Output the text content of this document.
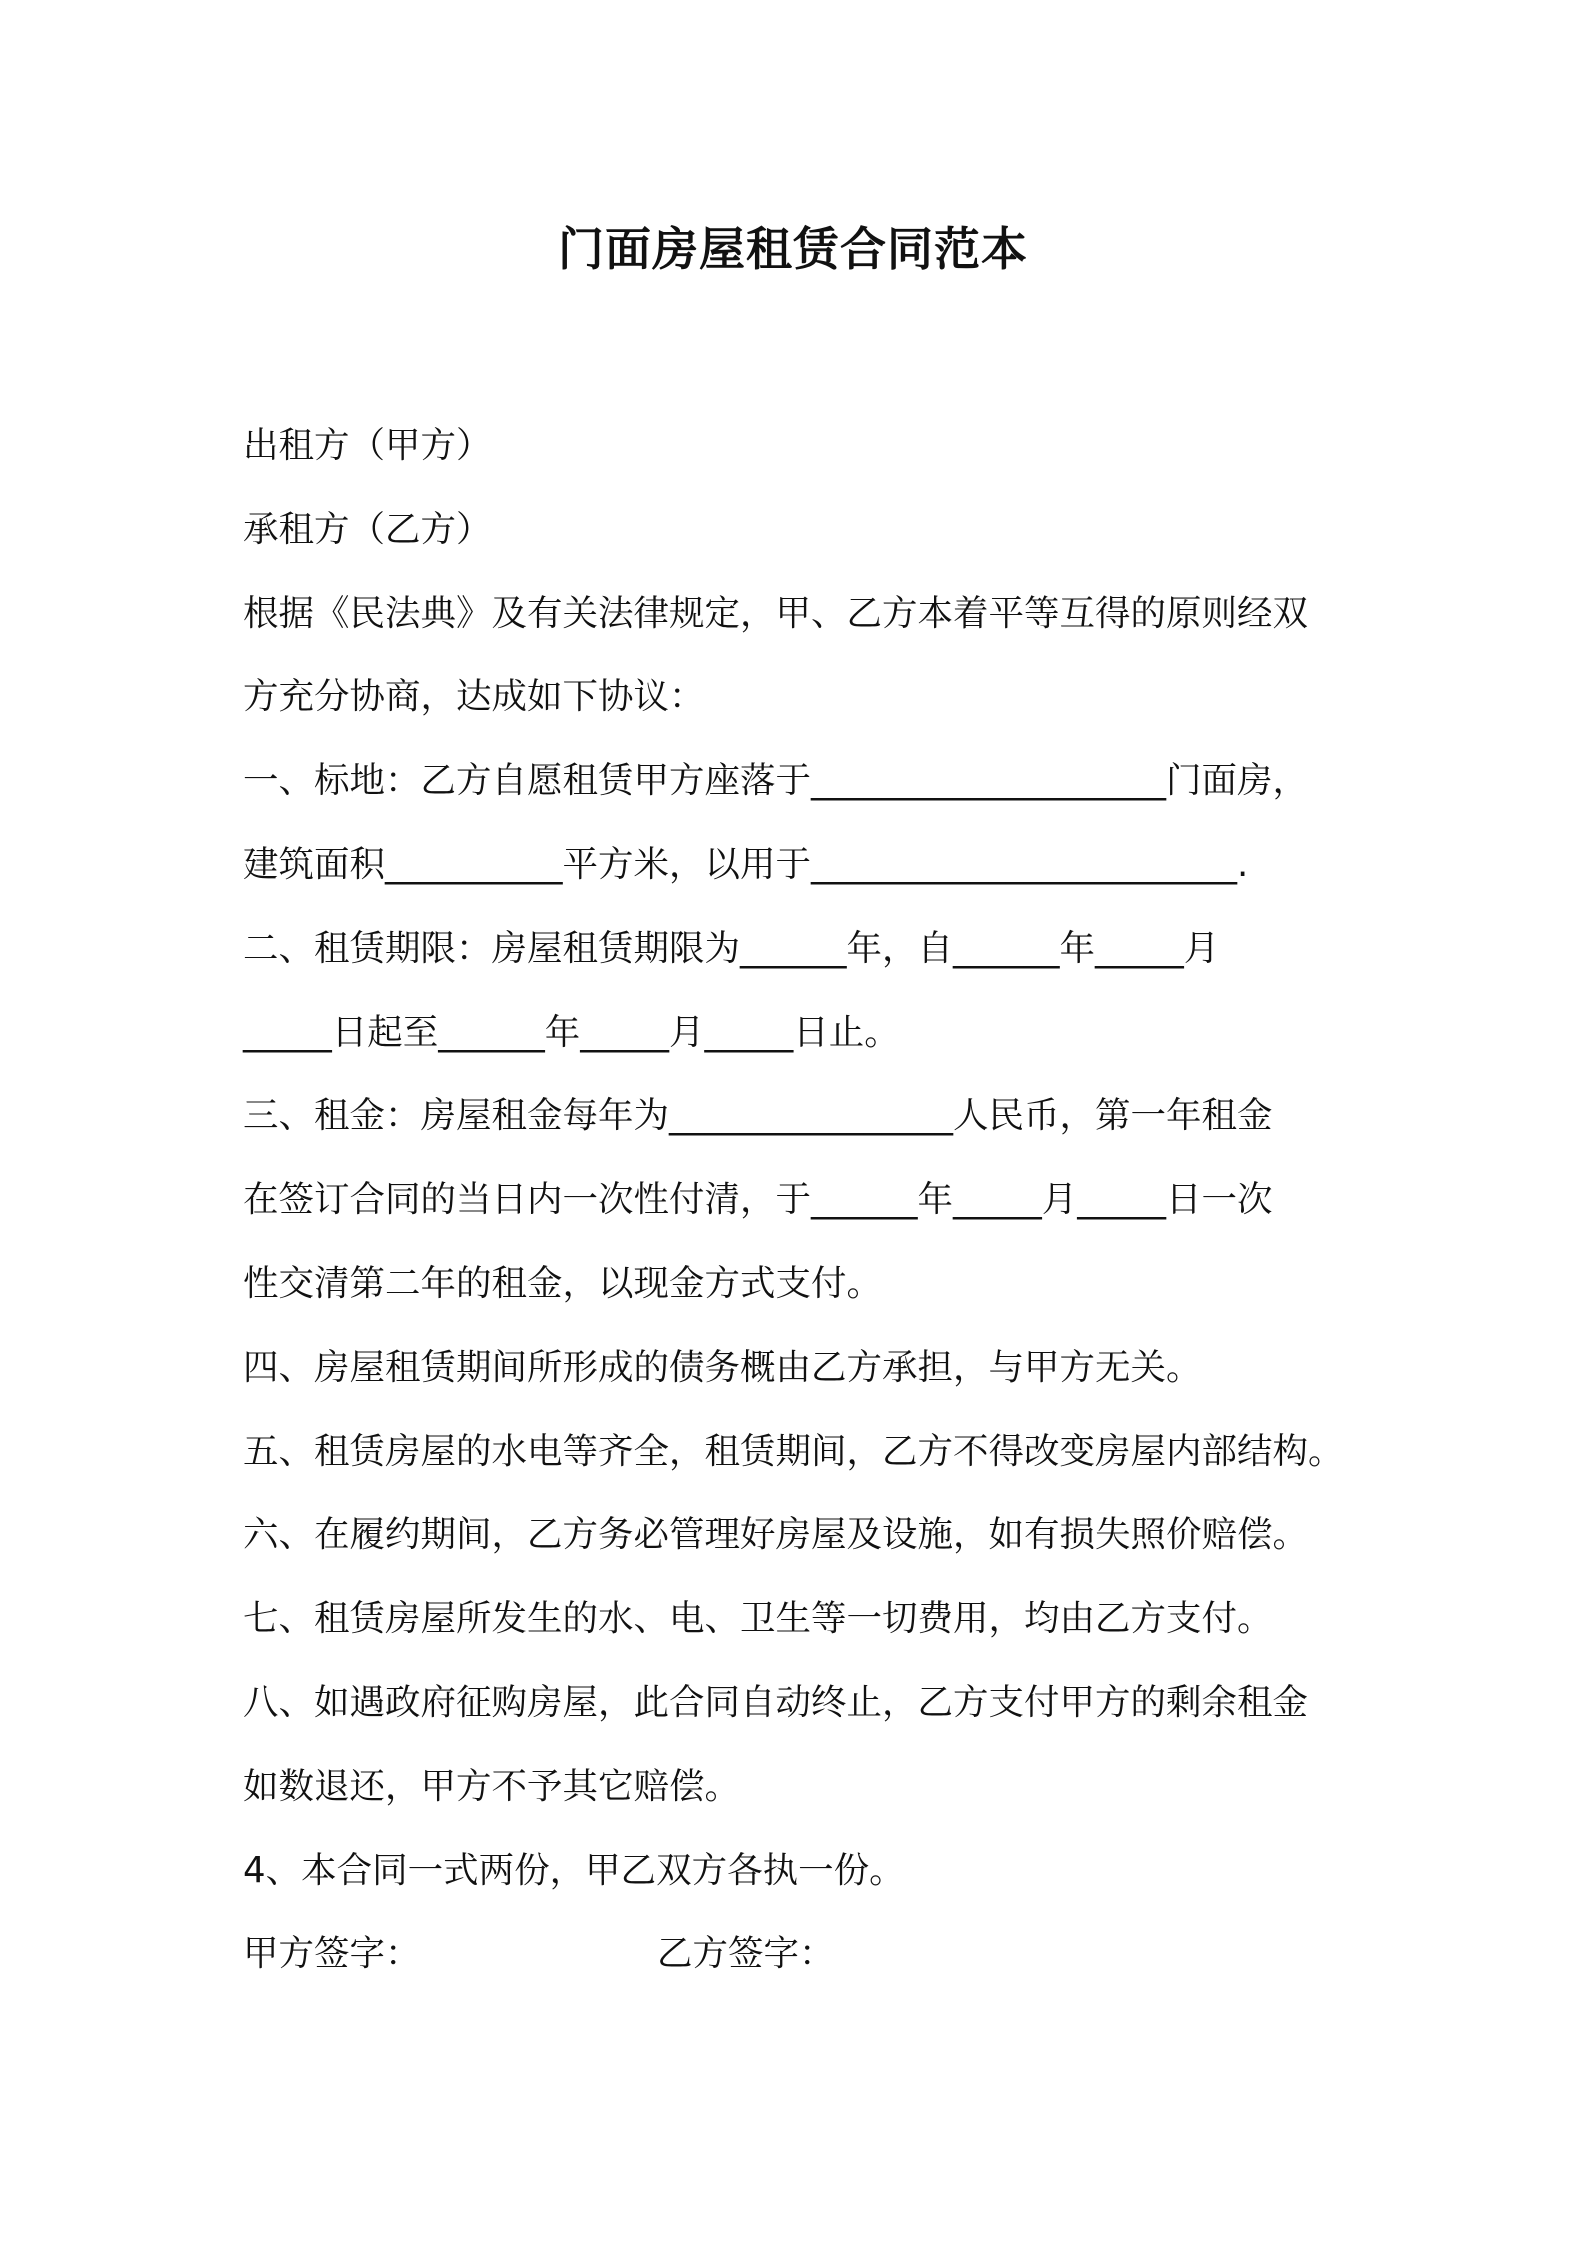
门面房屋租赁合同范本
出租方（甲方）
承租方（乙方）
根据《民法典》及有关法律规定，甲、乙方本着平等互得的原则经双
方充分协商，达成如下协议：
一、标地：乙方自愿租赁甲方座落于____________________门面房，
建筑面积__________平方米，以用于________________________.
二、租赁期限：房屋租赁期限为______年，自______年_____月
_____日起至______年_____月_____日止。
三、租金：房屋租金每年为________________人民币，第一年租金
在签订合同的当日内一次性付清，于______年_____月_____日一次
性交清第二年的租金，以现金方式支付。
四、房屋租赁期间所形成的债务概由乙方承担，与甲方无关。
五、租赁房屋的水电等齐全，租赁期间，乙方不得改变房屋内部结构。
六、在履约期间，乙方务必管理好房屋及设施，如有损失照价赔偿。
七、租赁房屋所发生的水、电、卫生等一切费用，均由乙方支付。
八、如遇政府征购房屋，此合同自动终止，乙方支付甲方的剩余租金
如数退还，甲方不予其它赔偿。
4、本合同一式两份，甲乙双方各执一份。
甲方签字：	乙方签字：
